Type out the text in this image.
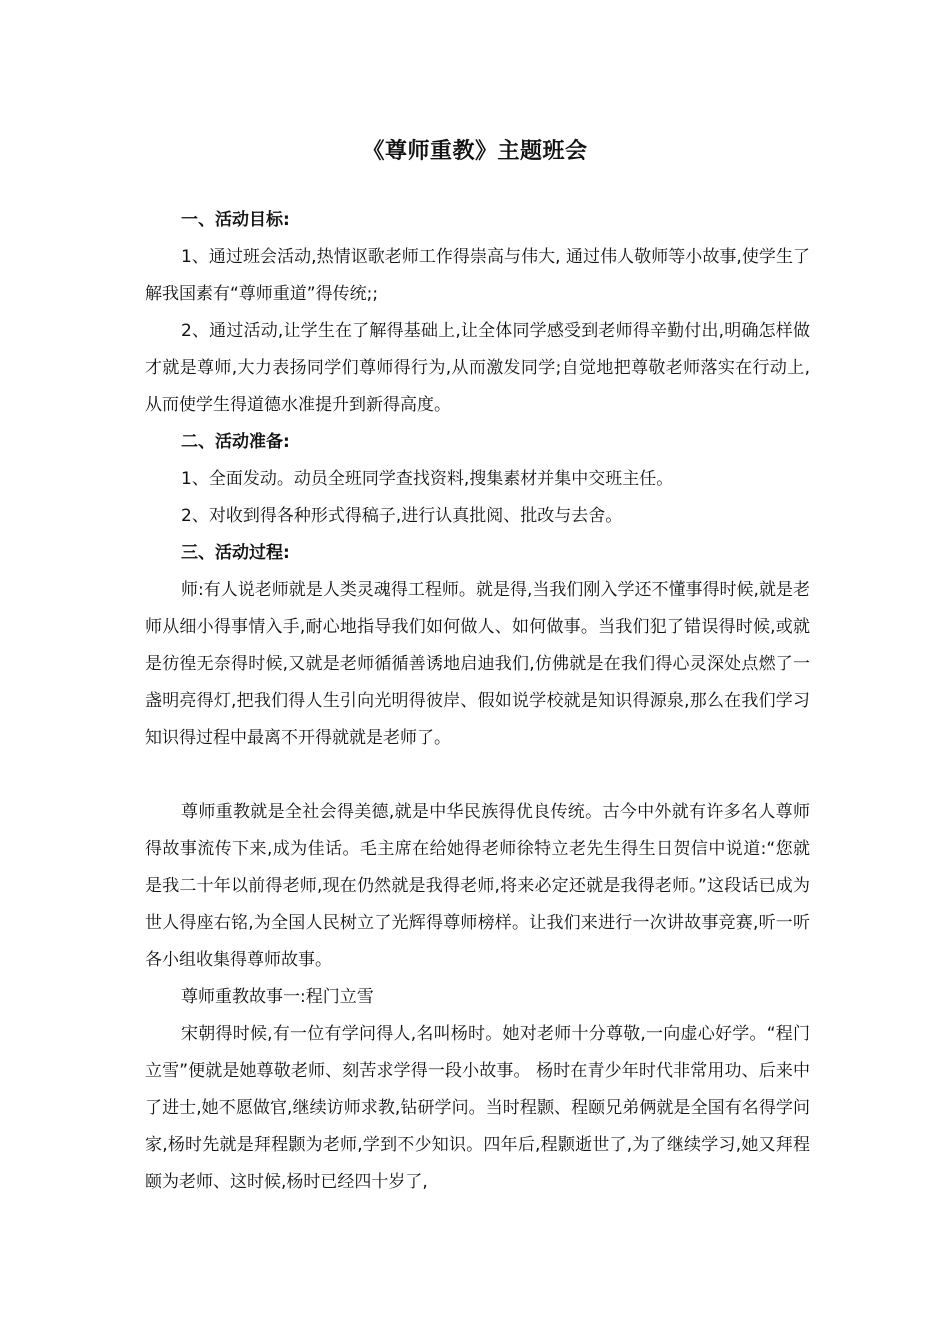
《尊师重教》主题班会

一、活动目标:

1、通过班会活动,热情讴歌老师工作得崇高与伟大, 通过伟人敬师等小故事,使学生了解我国素有“尊师重道”得传统;;

2、通过活动,让学生在了解得基础上,让全体同学感受到老师得辛勤付出,明确怎样做才就是尊师,大力表扬同学们尊师得行为,从而激发同学;自觉地把尊敬老师落实在行动上,从而使学生得道德水准提升到新得高度。

二、活动准备:

1、全面发动。动员全班同学查找资料,搜集素材并集中交班主任。

2、对收到得各种形式得稿子,进行认真批阅、批改与去舍。

三、活动过程:

师:有人说老师就是人类灵魂得工程师。就是得,当我们刚入学还不懂事得时候,就是老师从细小得事情入手,耐心地指导我们如何做人、如何做事。当我们犯了错误得时候,或就是彷徨无奈得时候,又就是老师循循善诱地启迪我们,仿佛就是在我们得心灵深处点燃了一盏明亮得灯,把我们得人生引向光明得彼岸、假如说学校就是知识得源泉,那么在我们学习知识得过程中最离不开得就就是老师了。

尊师重教就是全社会得美德,就是中华民族得优良传统。古今中外就有许多名人尊师得故事流传下来,成为佳话。毛主席在给她得老师徐特立老先生得生日贺信中说道:“您就是我二十年以前得老师,现在仍然就是我得老师,将来必定还就是我得老师。”这段话已成为世人得座右铭,为全国人民树立了光辉得尊师榜样。让我们来进行一次讲故事竞赛,听一听各小组收集得尊师故事。

尊师重教故事一:程门立雪

宋朝得时候,有一位有学问得人,名叫杨时。她对老师十分尊敬,一向虚心好学。“程门立雪”便就是她尊敬老师、刻苦求学得一段小故事。 杨时在青少年时代非常用功、后来中了进士,她不愿做官,继续访师求教,钻研学问。当时程颢、程颐兄弟俩就是全国有名得学问家,杨时先就是拜程颢为老师,学到不少知识。四年后,程颢逝世了,为了继续学习,她又拜程颐为老师、这时候,杨时已经四十岁了,
